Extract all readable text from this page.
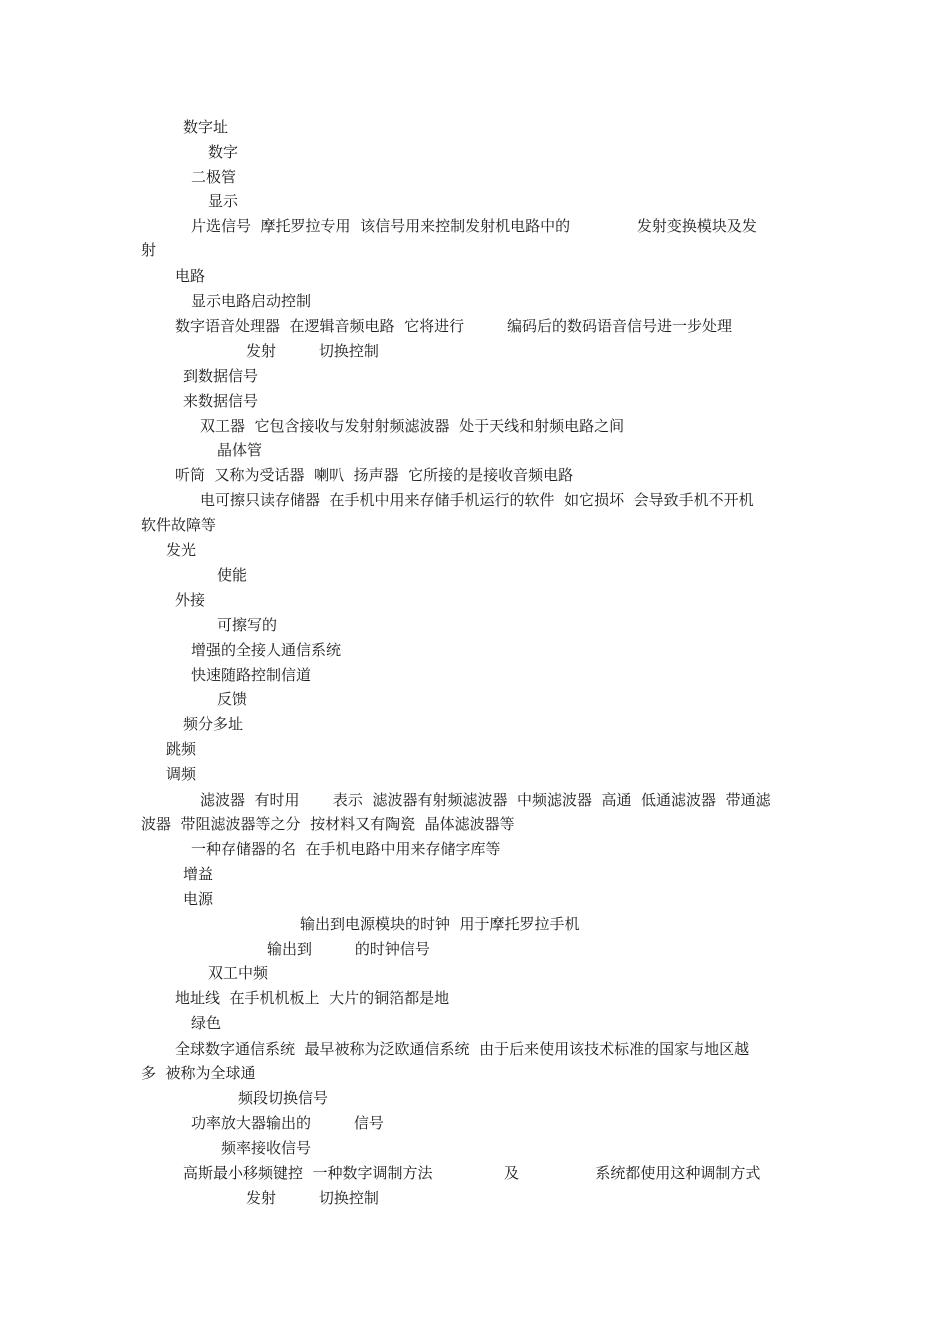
数字址
数字
二极管
显示
片选信号  摩托罗拉专用  该信号用来控制发射机电路中的              发射变换模块及发
射
电路
显示电路启动控制
数字语音处理器  在逻辑音频电路  它将进行         编码后的数码语音信号进一步处理
发射         切换控制
到数据信号
来数据信号
双工器  它包含接收与发射射频滤波器  处于天线和射频电路之间
晶体管
听筒  又称为受话器  喇叭  扬声器  它所接的是接收音频电路
电可擦只读存储器  在手机中用来存储手机运行的软件  如它损坏  会导致手机不开机
软件故障等
发光
使能
外接
可擦写的
增强的全接人通信系统
快速随路控制信道
反馈
频分多址
跳频
调频
滤波器  有时用       表示  滤波器有射频滤波器  中频滤波器  高通  低通滤波器  带通滤
波器  带阻滤波器等之分  按材料又有陶瓷  晶体滤波器等
一种存储器的名  在手机电路中用来存储字库等
增益
电源
输出到电源模块的时钟  用于摩托罗拉手机
输出到         的时钟信号
双工中频
地址线  在手机机板上  大片的铜箔都是地
绿色
全球数字通信系统  最早被称为泛欧通信系统  由于后来使用该技术标准的国家与地区越
多  被称为全球通
频段切换信号
功率放大器输出的         信号
频率接收信号
高斯最小移频键控  一种数字调制方法               及                系统都使用这种调制方式
发射         切换控制
